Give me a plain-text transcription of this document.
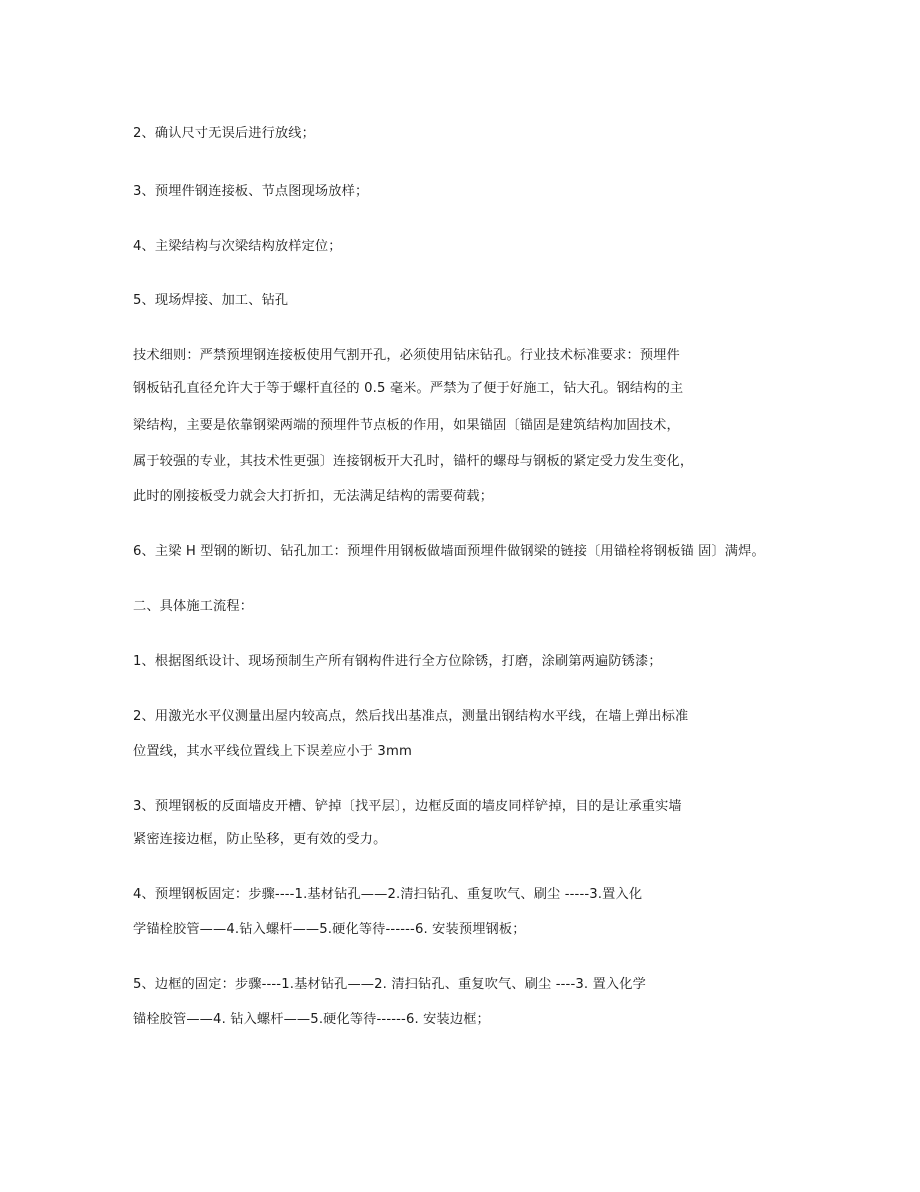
2、确认尺寸无误后进行放线；
3、预埋件钢连接板、节点图现场放样；
4、主梁结构与次梁结构放样定位；
5、现场焊接、加工、钻孔
技术细则：严禁预埋钢连接板使用气割开孔，必须使用钻床钻孔。行业技术标准要求：预埋件
钢板钻孔直径允许大于等于螺杆直径的 0.5 毫米。严禁为了便于好施工，钻大孔。钢结构的主
梁结构，主要是依靠钢梁两端的预埋件节点板的作用，如果锚固〔锚固是建筑结构加固技术，
属于较强的专业，其技术性更强〕连接钢板开大孔时，锚杆的螺母与钢板的紧定受力发生变化，
此时的刚接板受力就会大打折扣，无法满足结构的需要荷载；
6、主梁 H 型钢的断切、钻孔加工：预埋件用钢板做墙面预埋件做钢梁的链接〔用锚栓将钢板锚 固〕满焊。
二、具体施工流程：
1、根据图纸设计、现场预制生产所有钢构件进行全方位除锈，打磨，涂刷第两遍防锈漆；
2、用激光水平仪测量出屋内较高点，然后找出基准点，测量出钢结构水平线，在墙上弹出标准
位置线，其水平线位置线上下误差应小于 3mm
3、预埋钢板的反面墙皮开槽、铲掉〔找平层〕，边框反面的墙皮同样铲掉，目的是让承重实墙
紧密连接边框，防止坠移，更有效的受力。
4、预埋钢板固定：步骤----1.基材钻孔——2.清扫钻孔、重复吹气、刷尘 -----3.置入化
学锚栓胶管——4.钻入螺杆——5.硬化等待------6. 安装预埋钢板；
5、边框的固定：步骤----1.基材钻孔——2. 清扫钻孔、重复吹气、刷尘 ----3. 置入化学
锚栓胶管——4. 钻入螺杆——5.硬化等待------6. 安装边框；
